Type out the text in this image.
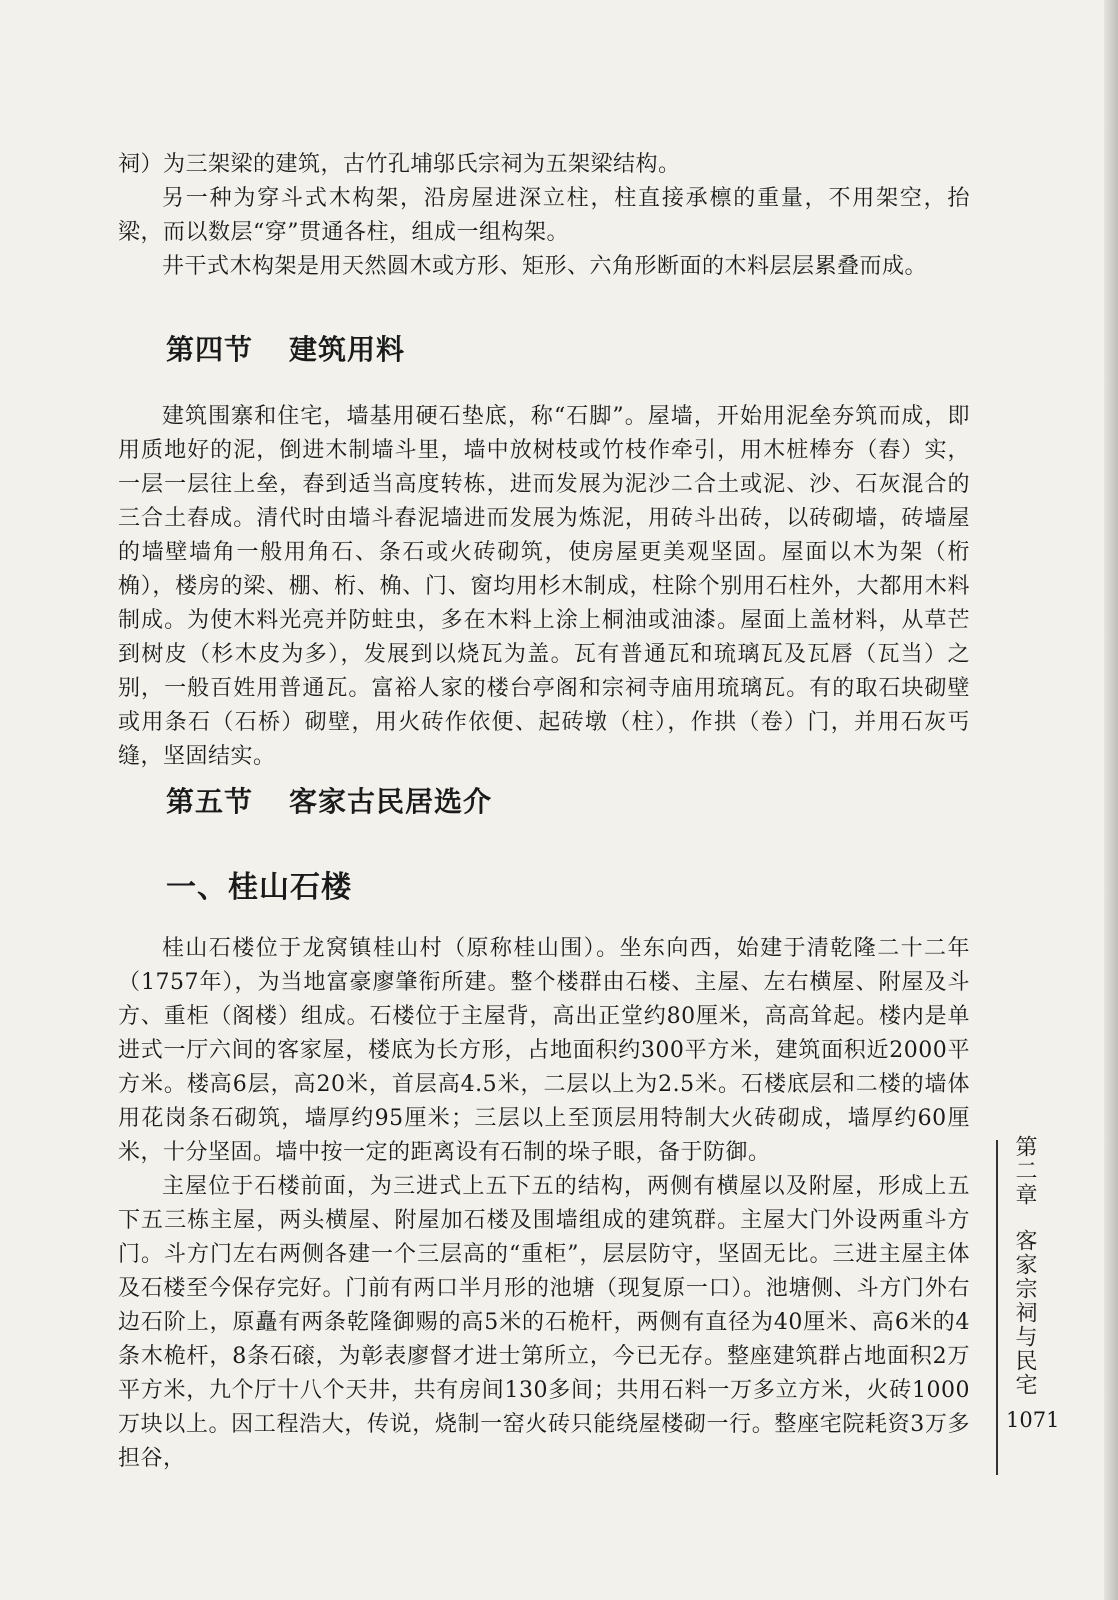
祠）为三架梁的建筑，古竹孔埔邬氏宗祠为五架梁结构。

另一种为穿斗式木构架，沿房屋进深立柱，柱直接承檩的重量，不用架空，抬梁，而以数层“穿”贯通各柱，组成一组构架。

井干式木构架是用天然圆木或方形、矩形、六角形断面的木料层层累叠而成。

第四节 建筑用料

建筑围寨和住宅，墙基用硬石垫底，称“石脚”。屋墙，开始用泥垒夯筑而成，即用质地好的泥，倒进木制墙斗里，墙中放树枝或竹枝作牵引，用木桩棒夯（舂）实，一层一层往上垒，舂到适当高度转栋，进而发展为泥沙二合土或泥、沙、石灰混合的三合土舂成。清代时由墙斗舂泥墙进而发展为炼泥，用砖斗出砖，以砖砌墙，砖墙屋的墙壁墙角一般用角石、条石或火砖砌筑，使房屋更美观坚固。屋面以木为架（桁桷），楼房的梁、棚、桁、桷、门、窗均用杉木制成，柱除个别用石柱外，大都用木料制成。为使木料光亮并防蛀虫，多在木料上涂上桐油或油漆。屋面上盖材料，从草芒到树皮（杉木皮为多），发展到以烧瓦为盖。瓦有普通瓦和琉璃瓦及瓦唇（瓦当）之别，一般百姓用普通瓦。富裕人家的楼台亭阁和宗祠寺庙用琉璃瓦。有的取石块砌壁或用条石（石桥）砌壁，用火砖作依便、起砖墩（柱），作拱（卷）门，并用石灰丐缝，坚固结实。

第五节 客家古民居选介
一、桂山石楼

桂山石楼位于龙窝镇桂山村（原称桂山围）。坐东向西，始建于清乾隆二十二年（1757年），为当地富豪廖肇衔所建。整个楼群由石楼、主屋、左右横屋、附屋及斗方、重柜（阁楼）组成。石楼位于主屋背，高出正堂约80厘米，高高耸起。楼内是单进式一厅六间的客家屋，楼底为长方形，占地面积约300平方米，建筑面积近2000平方米。楼高6层，高20米，首层高4.5米，二层以上为2.5米。石楼底层和二楼的墙体用花岗条石砌筑，墙厚约95厘米；三层以上至顶层用特制大火砖砌成，墙厚约60厘米，十分坚固。墙中按一定的距离设有石制的垛子眼，备于防御。

主屋位于石楼前面，为三进式上五下五的结构，两侧有横屋以及附屋，形成上五下五三栋主屋，两头横屋、附屋加石楼及围墙组成的建筑群。主屋大门外设两重斗方门。斗方门左右两侧各建一个三层高的“重柜”，层层防守，坚固无比。三进主屋主体及石楼至今保存完好。门前有两口半月形的池塘（现复原一口）。池塘侧、斗方门外右边石阶上，原矗有两条乾隆御赐的高5米的石桅杆，两侧有直径为40厘米、高6米的4条木桅杆，8条石磙，为彰表廖督才进士第所立，今已无存。整座建筑群占地面积2万平方米，九个厅十八个天井，共有房间130多间；共用石料一万多立方米，火砖1000万块以上。因工程浩大，传说，烧制一窑火砖只能绕屋楼砌一行。整座宅院耗资3万多担谷，

第二章客家宗祠与民宅
1071
